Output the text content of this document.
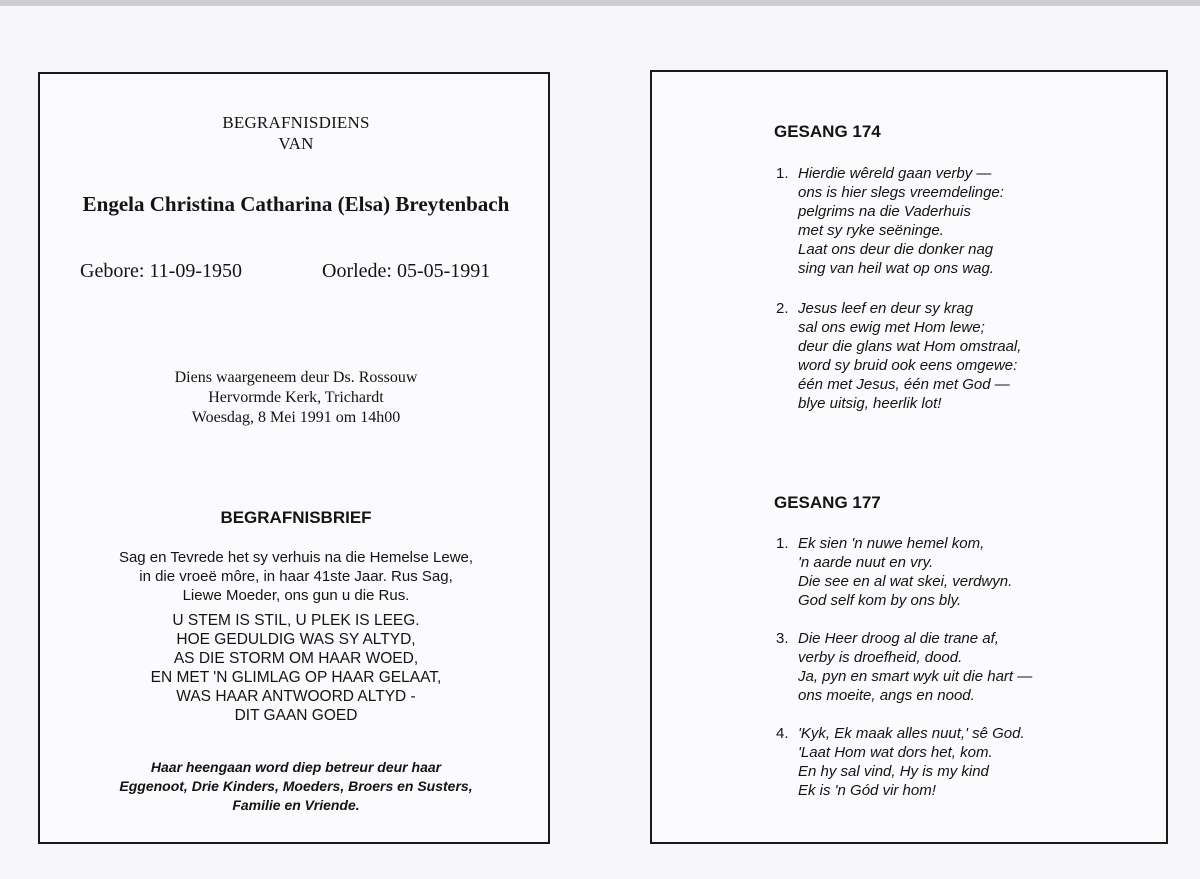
BEGRAFNISDIENS
VAN
Engela Christina Catharina (Elsa) Breytenbach
Gebore: 11-09-1950	Oorlede: 05-05-1991
Diens waargeneem deur Ds. Rossouw
Hervormde Kerk, Trichardt
Woesdag, 8 Mei 1991 om 14h00
BEGRAFNISBRIEF
Sag en Tevrede het sy verhuis na die Hemelse Lewe,
in die vroeë môre, in haar 41ste Jaar. Rus Sag,
Liewe Moeder, ons gun u die Rus.
U STEM IS STIL, U PLEK IS LEEG.
HOE GEDULDIG WAS SY ALTYD,
AS DIE STORM OM HAAR WOED,
EN MET 'N GLIMLAG OP HAAR GELAAT,
WAS HAAR ANTWOORD ALTYD -
DIT GAAN GOED
Haar heengaan word diep betreur deur haar
Eggenoot, Drie Kinders, Moeders, Broers en Susters,
Familie en Vriende.
GESANG 174
1. Hierdie wêreld gaan verby —
ons is hier slegs vreemdelinge:
pelgrims na die Vaderhuis
met sy ryke seëninge.
Laat ons deur die donker nag
sing van heil wat op ons wag.
2. Jesus leef en deur sy krag
sal ons ewig met Hom lewe;
deur die glans wat Hom omstraal,
word sy bruid ook eens omgewe:
één met Jesus, één met God —
blye uitsig, heerlik lot!
GESANG 177
1. Ek sien 'n nuwe hemel kom,
'n aarde nuut en vry.
Die see en al wat skei, verdwyn.
God self kom by ons bly.
3. Die Heer droog al die trane af,
verby is droefheid, dood.
Ja, pyn en smart wyk uit die hart —
ons moeite, angs en nood.
4. 'Kyk, Ek maak alles nuut,' sê God.
'Laat Hom wat dors het, kom.
En hy sal vind, Hy is my kind
Ek is 'n Gód vir hom!
